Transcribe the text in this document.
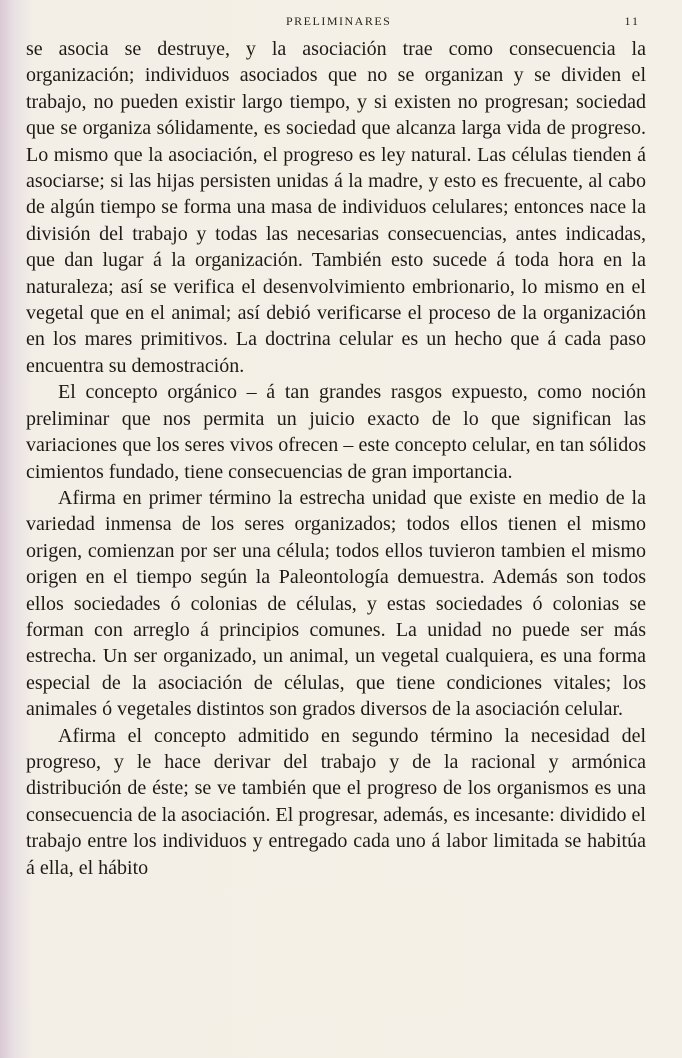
PRELIMINARES	11

se asocia se destruye, y la asociación trae como consecuencia la organización; individuos asociados que no se organizan y se dividen el trabajo, no pueden existir largo tiempo, y si existen no progresan; sociedad que se organiza sólidamente, es sociedad que alcanza larga vida de progreso. Lo mismo que la asociación, el progreso es ley natural. Las células tienden á asociarse; si las hijas persisten unidas á la madre, y esto es frecuente, al cabo de algún tiempo se forma una masa de individuos celulares; entonces nace la división del trabajo y todas las necesarias consecuencias, antes indicadas, que dan lugar á la organización. También esto sucede á toda hora en la naturaleza; así se verifica el desenvolvimiento embrionario, lo mismo en el vegetal que en el animal; así debió verificarse el proceso de la organización en los mares primitivos. La doctrina celular es un hecho que á cada paso encuentra su demostración.

El concepto orgánico – á tan grandes rasgos expuesto, como noción preliminar que nos permita un juicio exacto de lo que significan las variaciones que los seres vivos ofrecen – este concepto celular, en tan sólidos cimientos fundado, tiene consecuencias de gran importancia.

Afirma en primer término la estrecha unidad que existe en medio de la variedad inmensa de los seres organizados; todos ellos tienen el mismo origen, comienzan por ser una célula; todos ellos tuvieron tambien el mismo origen en el tiempo según la Paleontología demuestra. Además son todos ellos sociedades ó colonias de células, y estas sociedades ó colonias se forman con arreglo á principios comunes. La unidad no puede ser más estrecha. Un ser organizado, un animal, un vegetal cualquiera, es una forma especial de la asociación de células, que tiene condiciones vitales; los animales ó vegetales distintos son grados diversos de la asociación celular.

Afirma el concepto admitido en segundo término la necesidad del progreso, y le hace derivar del trabajo y de la racional y armónica distribución de éste; se ve también que el progreso de los organismos es una consecuencia de la asociación. El progresar, además, es incesante: dividido el trabajo entre los individuos y entregado cada uno á labor limitada se habitúa á ella, el hábito
